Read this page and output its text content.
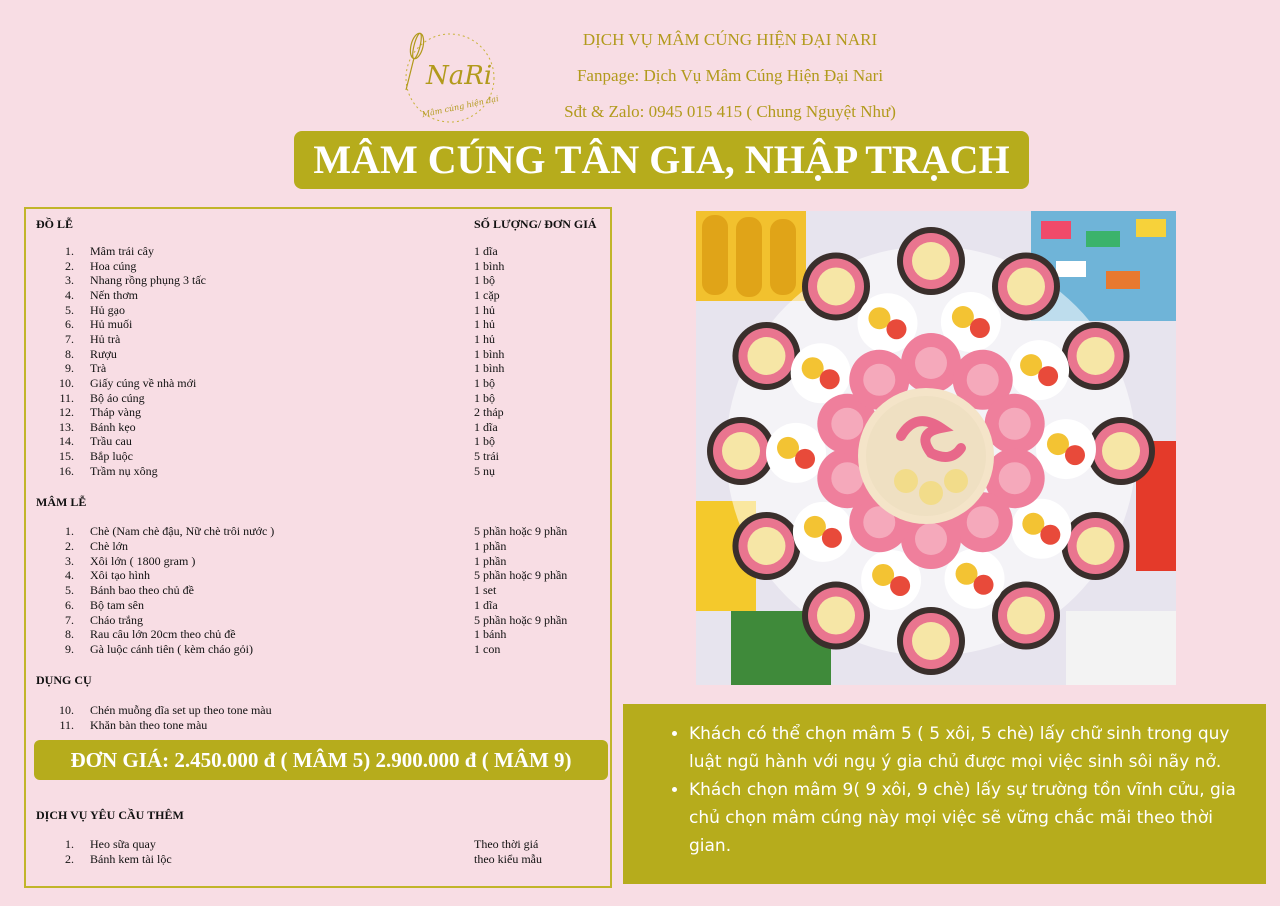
NaRi
Mâm cúng hiện đại
DỊCH VỤ MÂM CÚNG HIỆN ĐẠI NARI
Fanpage: Dịch Vụ Mâm Cúng Hiện Đại Nari
Sđt & Zalo: 0945 015 415 ( Chung Nguyệt Như)
MÂM CÚNG TÂN GIA, NHẬP TRẠCH
ĐỒ LỄ	SỐ LƯỢNG/ ĐƠN GIÁ
1. Mâm trái cây	1 dĩa
2. Hoa cúng	1 bình
3. Nhang rồng phụng 3 tấc	1 bộ
4. Nến thơm	1 cặp
5. Hủ gạo	1 hủ
6. Hủ muối	1 hủ
7. Hủ trà	1 hủ
8. Rượu	1 bình
9. Trà	1 bình
10. Giấy cúng về nhà mới	1 bộ
11. Bộ áo cúng	1 bộ
12. Tháp vàng	2 tháp
13. Bánh kẹo	1 dĩa
14. Trầu cau	1 bộ
15. Bắp luộc	5 trái
16. Trầm nụ xông	5 nụ
MÂM LỄ
1. Chè (Nam chè đậu, Nữ chè trôi nước )	5 phần hoặc 9 phần
2. Chè lớn	1 phần
3. Xôi lớn ( 1800 gram )	1 phần
4. Xôi tạo hình	5 phần hoặc 9 phần
5. Bánh bao theo chủ đề	1 set
6. Bộ tam sên	1 dĩa
7. Cháo trắng	5 phần hoặc 9 phần
8. Rau câu lớn 20cm theo chủ đề	1 bánh
9. Gà luộc cánh tiên ( kèm cháo gỏi)	1 con
DỤNG CỤ
10. Chén muỗng dĩa set up theo tone màu
11. Khăn bàn theo tone màu
ĐƠN GIÁ: 2.450.000 đ ( MÂM 5) 2.900.000 đ ( MÂM 9)
DỊCH VỤ YÊU CẦU THÊM
1. Heo sữa quay	Theo thời giá
2. Bánh kem tài lộc	theo kiểu mẫu
• Khách có thể chọn mâm 5 ( 5 xôi, 5 chè) lấy chữ sinh trong quy luật ngũ hành với ngụ ý gia chủ được mọi việc sinh sôi nãy nở.
• Khách chọn mâm 9( 9 xôi, 9 chè) lấy sự trường tồn vĩnh cửu, gia chủ chọn mâm cúng này mọi việc sẽ vững chắc mãi theo thời gian.
